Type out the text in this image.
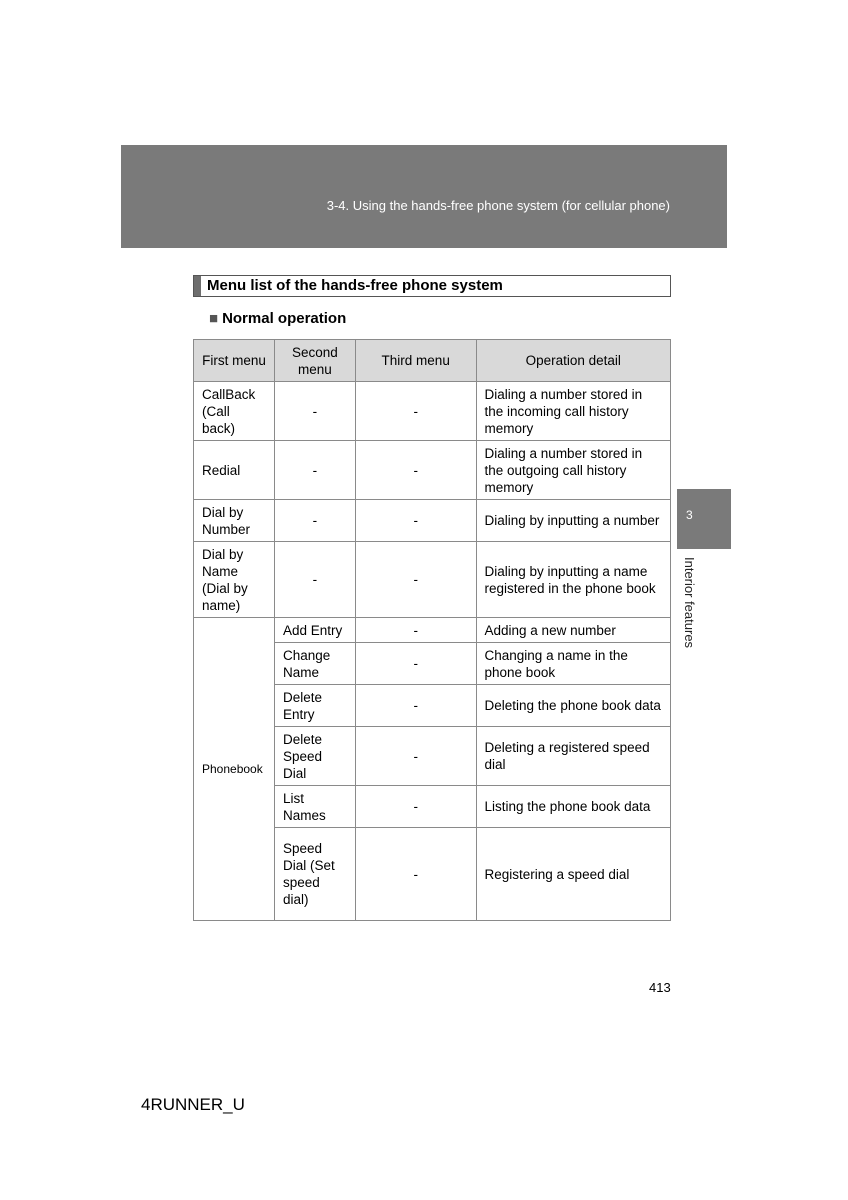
3-4. Using the hands-free phone system (for cellular phone)
Menu list of the hands-free phone system
■ Normal operation
First menu	Second menu	Third menu	Operation detail
CallBack (Call back)	-	-	Dialing a number stored in the incoming call history memory
Redial	-	-	Dialing a number stored in the outgoing call history memory
Dial by Number	-	-	Dialing by inputting a number
Dial by Name (Dial by name)	-	-	Dialing by inputting a name registered in the phone book
Phonebook	Add Entry	-	Adding a new number
	Change Name	-	Changing a name in the phone book
	Delete Entry	-	Deleting the phone book data
	Delete Speed Dial	-	Deleting a registered speed dial
	List Names	-	Listing the phone book data
	Speed Dial (Set speed dial)	-	Registering a speed dial
3
Interior features
413
4RUNNER_U
